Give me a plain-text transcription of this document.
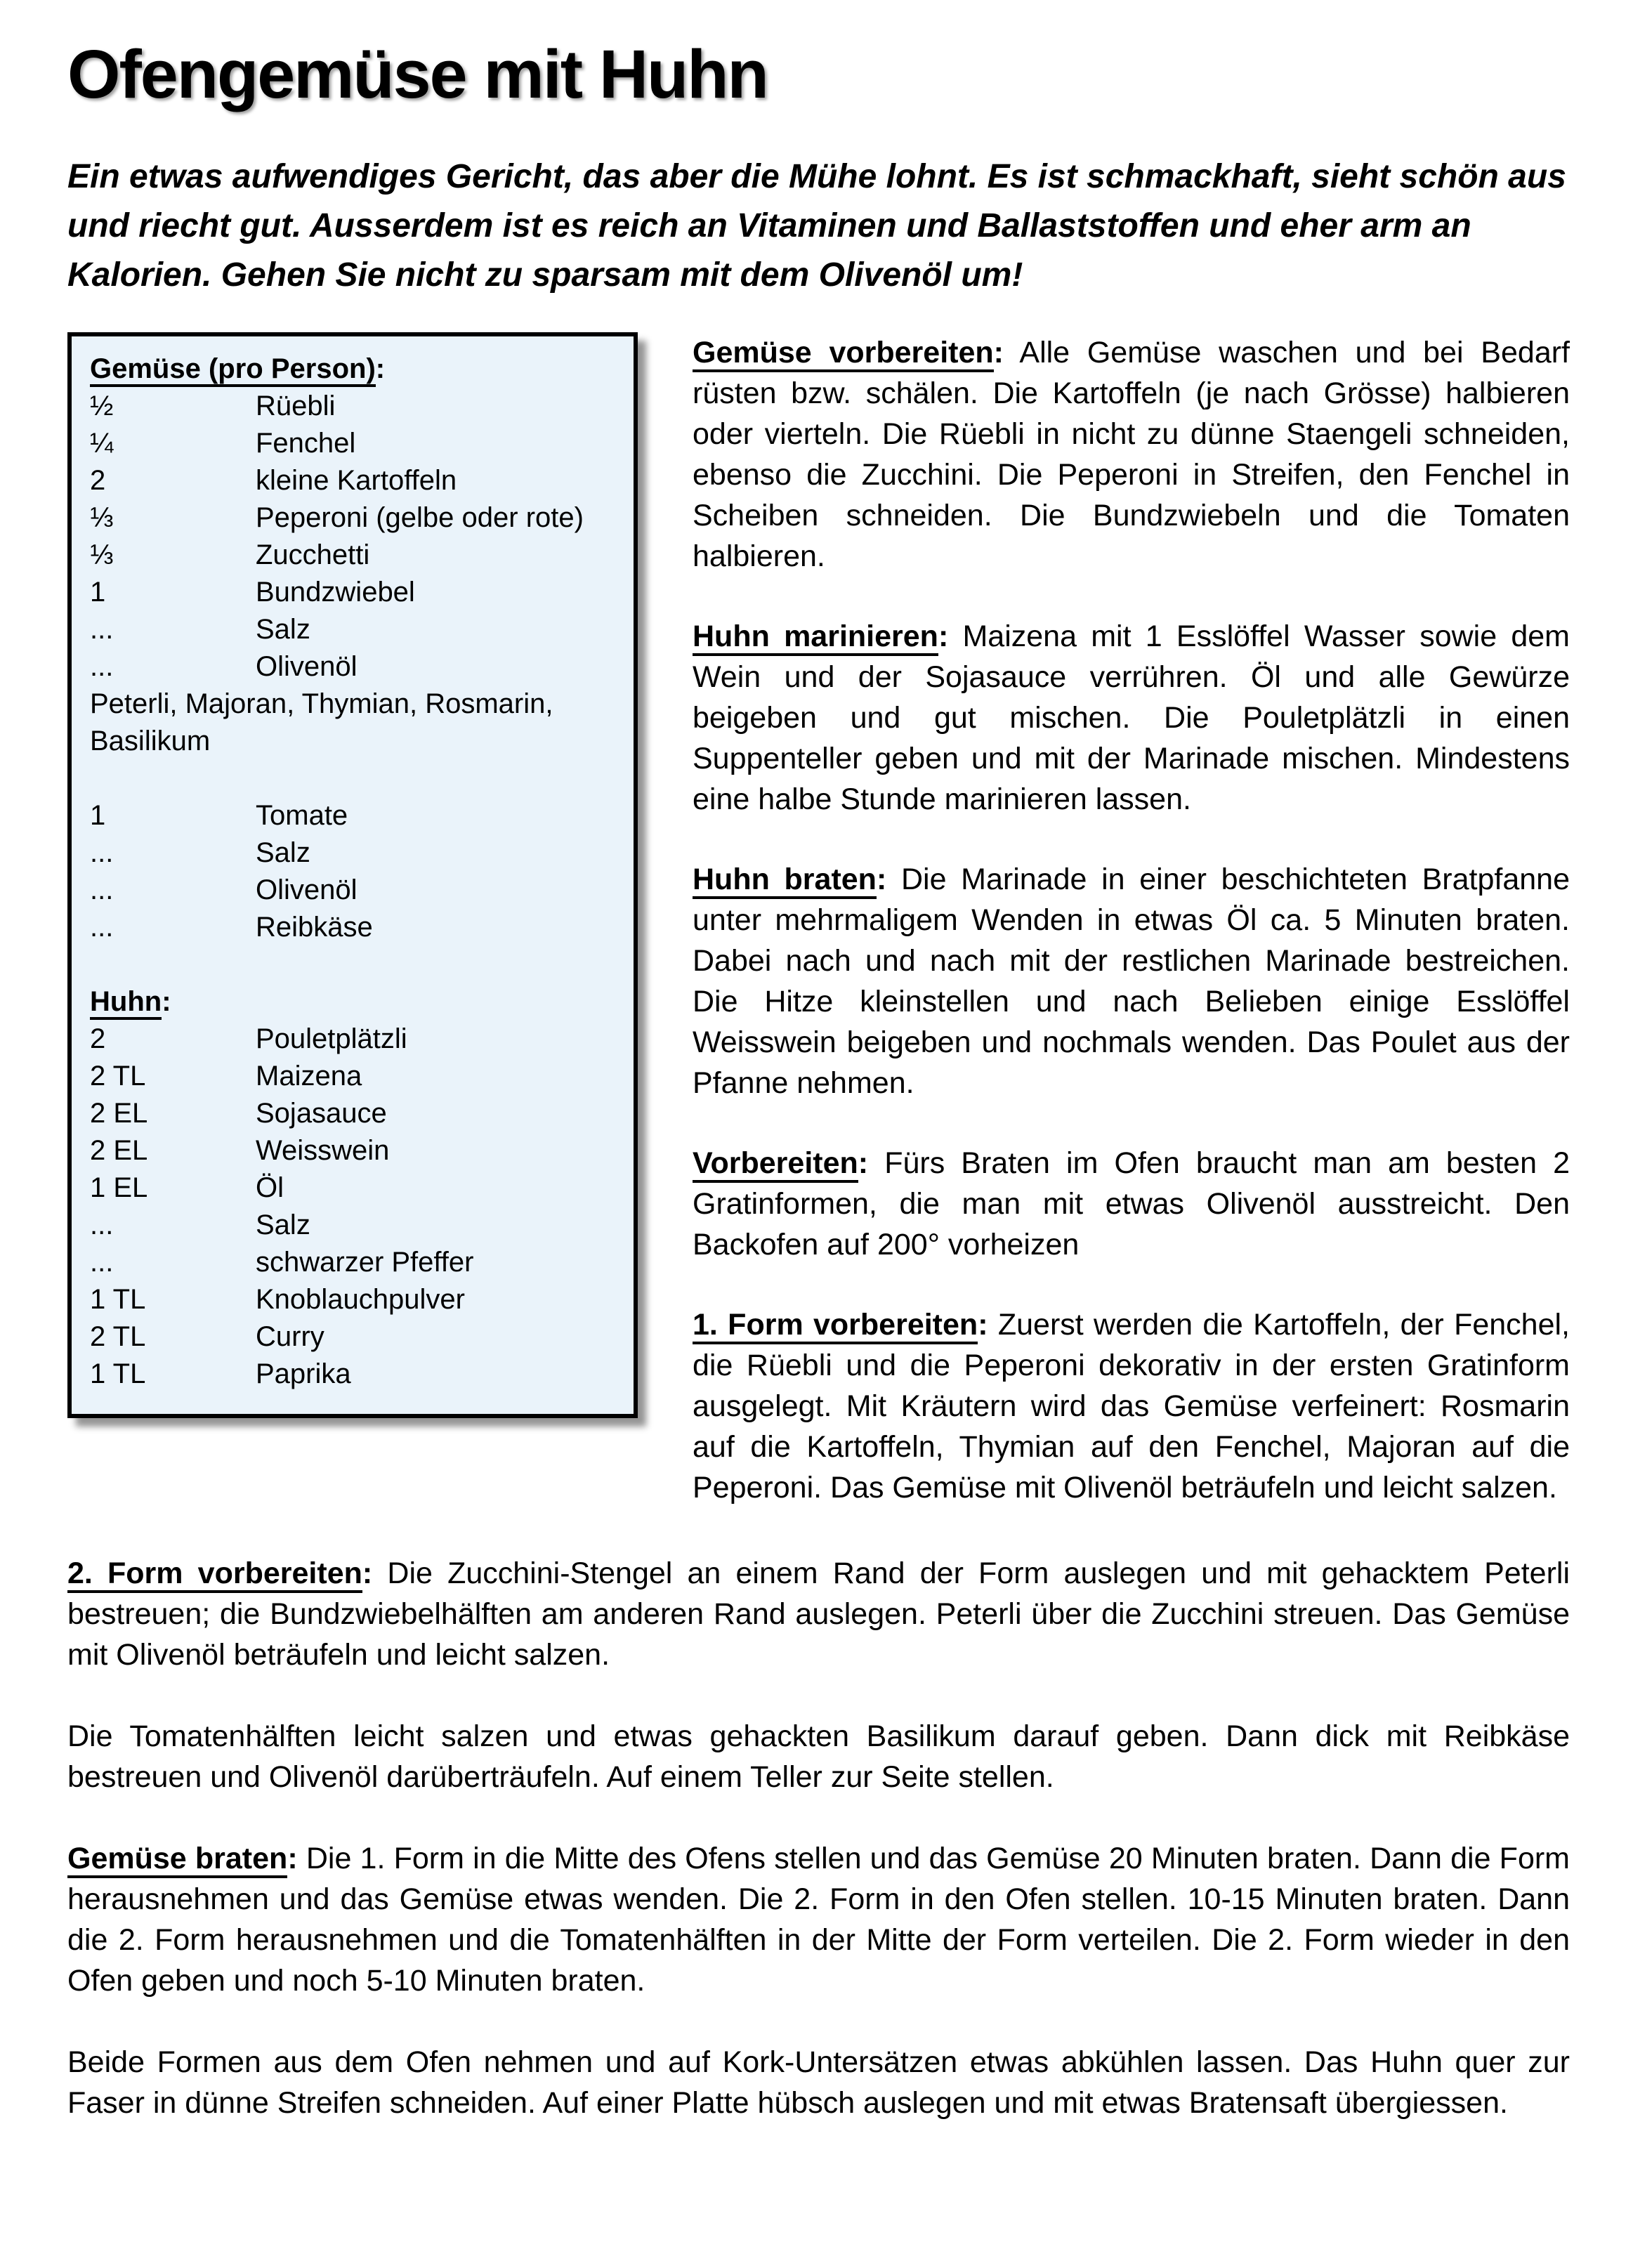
Ofengemüse mit Huhn

Ein etwas aufwendiges Gericht, das aber die Mühe lohnt. Es ist schmackhaft, sieht schön aus und riecht gut. Ausserdem ist es reich an Vitaminen und Ballaststoffen und eher arm an Kalorien. Gehen Sie nicht zu sparsam mit dem Olivenöl um!

Gemüse (pro Person):
½	Rüebli
¼	Fenchel
2	kleine Kartoffeln
⅓	Peperoni (gelbe oder rote)
⅓	Zucchetti
1	Bundzwiebel
...	Salz
...	Olivenöl
Peterli, Majoran, Thymian, Rosmarin, Basilikum
1	Tomate
...	Salz
...	Olivenöl
...	Reibkäse
Huhn:
2	Pouletplätzli
2 TL	Maizena
2 EL	Sojasauce
2 EL	Weisswein
1 EL	Öl
...	Salz
...	schwarzer Pfeffer
1 TL	Knoblauchpulver
2 TL	Curry
1 TL	Paprika

Gemüse vorbereiten: Alle Gemüse waschen und bei Bedarf rüsten bzw. schälen. Die Kartoffeln (je nach Grösse) halbieren oder vierteln. Die Rüebli in nicht zu dünne Staengeli schneiden, ebenso die Zucchini. Die Peperoni in Streifen, den Fenchel in Scheiben schneiden. Die Bundzwiebeln und die Tomaten halbieren.

Huhn marinieren: Maizena mit 1 Esslöffel Wasser sowie dem Wein und der Sojasauce verrühren. Öl und alle Gewürze beigeben und gut mischen. Die Pouletplätzli in einen Suppenteller geben und mit der Marinade mischen. Mindestens eine halbe Stunde marinieren lassen.

Huhn braten: Die Marinade in einer beschichteten Bratpfanne unter mehrmaligem Wenden in etwas Öl ca. 5 Minuten braten. Dabei nach und nach mit der restlichen Marinade bestreichen. Die Hitze kleinstellen und nach Belieben einige Esslöffel Weisswein beigeben und nochmals wenden. Das Poulet aus der Pfanne nehmen.

Vorbereiten: Fürs Braten im Ofen braucht man am besten 2 Gratinformen, die man mit etwas Olivenöl ausstreicht. Den Backofen auf 200° vorheizen

1. Form vorbereiten: Zuerst werden die Kartoffeln, der Fenchel, die Rüebli und die Peperoni dekorativ in der ersten Gratinform ausgelegt. Mit Kräutern wird das Gemüse verfeinert: Rosmarin auf die Kartoffeln, Thymian auf den Fenchel, Majoran auf die Peperoni. Das Gemüse mit Olivenöl beträufeln und leicht salzen.

2. Form vorbereiten: Die Zucchini-Stengel an einem Rand der Form auslegen und mit gehacktem Peterli bestreuen; die Bundzwiebelhälften am anderen Rand auslegen. Peterli über die Zucchini streuen. Das Gemüse mit Olivenöl beträufeln und leicht salzen.

Die Tomatenhälften leicht salzen und etwas gehackten Basilikum darauf geben. Dann dick mit Reibkäse bestreuen und Olivenöl darüberträufeln. Auf einem Teller zur Seite stellen.

Gemüse braten: Die 1. Form in die Mitte des Ofens stellen und das Gemüse 20 Minuten braten. Dann die Form herausnehmen und das Gemüse etwas wenden. Die 2. Form in den Ofen stellen. 10-15 Minuten braten. Dann die 2. Form herausnehmen und die Tomatenhälften in der Mitte der Form verteilen. Die 2. Form wieder in den Ofen geben und noch 5-10 Minuten braten.

Beide Formen aus dem Ofen nehmen und auf Kork-Untersätzen etwas abkühlen lassen. Das Huhn quer zur Faser in dünne Streifen schneiden. Auf einer Platte hübsch auslegen und mit etwas Bratensaft übergiessen.
